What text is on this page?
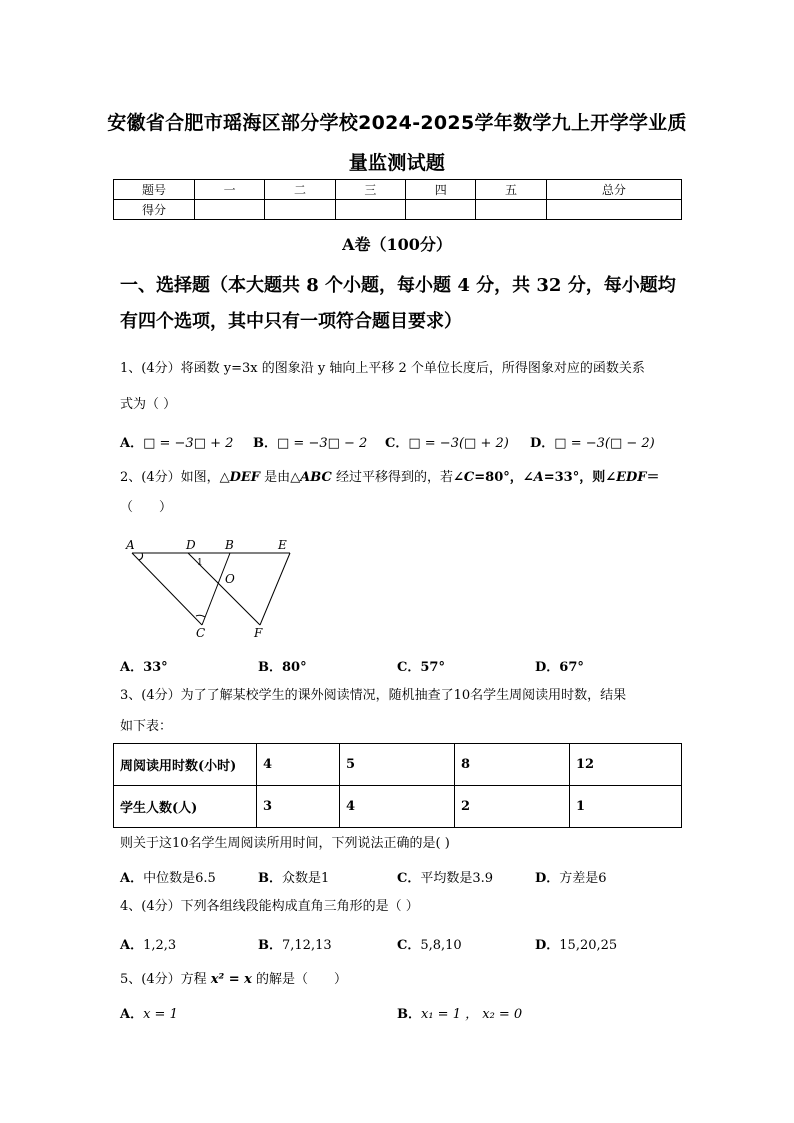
安徽省合肥市瑶海区部分学校2024-2025学年数学九上开学学业质
量监测试题
题号	一	二	三	四	五	总分
得分						
A卷（100分）
一、选择题（本大题共 8 个小题，每小题 4 分，共 32 分，每小题均
有四个选项，其中只有一项符合题目要求）
1、(4分）将函数 y=3x 的图象沿 y 轴向上平移 2 个单位长度后，所得图象对应的函数关系
式为（ ）
A．□ = −3□ + 2 B．□ = −3□ − 2 C．□ = −3(□ + 2) D．□ = −3(□ − 2)
2、(4分）如图，△DEF 是由△ABC 经过平移得到的，若∠C=80°，∠A=33°，则∠EDF＝
（　　）
A	D B	E
O
C	F
1
A．33°	B．80°	C．57°	D．67°
3、(4分）为了了解某校学生的课外阅读情况，随机抽查了10名学生周阅读用时数，结果
如下表：
周阅读用时数(小时)	4	5	8	12
学生人数(人)	3	4	2	1
则关于这10名学生周阅读所用时间，下列说法正确的是( )
A．中位数是6.5	B．众数是1	C．平均数是3.9	D．方差是6
4、(4分）下列各组线段能构成直角三角形的是（ ）
A．1,2,3	B．7,12,13	C．5,8,10	D．15,20,25
5、(4分）方程 x² = x 的解是（　　）
A．x = 1	B．x₁ = 1 ， x₂ = 0
